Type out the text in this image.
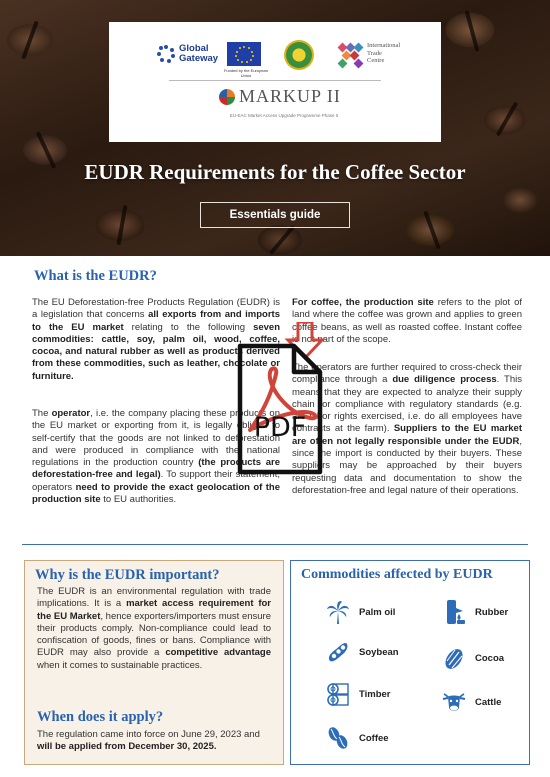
Global Gateway
Funded by the European Union
International
Trade
Centre
MARKUP II
EU-EAC Market Access Upgrade Programme Phase II
EUDR Requirements for the Coffee Sector
Essentials guide
What is the EUDR?
The EU Deforestation-free Products Regulation (EUDR) is a legislation that concerns all exports from and imports to the EU market relating to the following seven commodities: cattle, soy, palm oil, wood, coffee, cocoa, and natural rubber as well as products derived from these commodities, such as leather, chocolate or furniture.
The operator, i.e. the company placing these products on the EU market or exporting from it, is legally obliged to self-certify that the goods are not linked to deforestation and were produced in compliance with the national regulations in the production country (the products are deforestation-free and legal). To support their statement, operators need to provide the exact geolocation of the production site to EU authorities.
For coffee, the production site refers to the plot of land where the coffee was grown and applies to green coffee beans, as well as roasted coffee. Instant coffee is not part of the scope.
The operators are further required to cross-check their compliance through a due diligence process. This means that they are expected to analyze their supply chain for compliance with regulatory standards (e.g. are labor rights exercised, i.e. do all employees have contracts at the farm). Suppliers to the EU market are often not legally responsible under the EUDR, since the import is conducted by their buyers. These suppliers may be approached by their buyers requesting data and documentation to show the deforestation-free and legal nature of their operations.
Why is the EUDR important?
The EUDR is an environmental regulation with trade implications. It is a market access requirement for the EU Market, hence exporters/importers must ensure their products comply. Non-compliance could lead to confiscation of goods, fines or bans. Compliance with EUDR may also provide a competitive advantage when it comes to sustainable practices.
When does it apply?
The regulation came into force on June 29, 2023 and will be applied from December 30, 2025.
Commodities affected by EUDR
Palm oil	Rubber
Soybean
Cocoa
Timber
Cattle
Coffee
PDF
